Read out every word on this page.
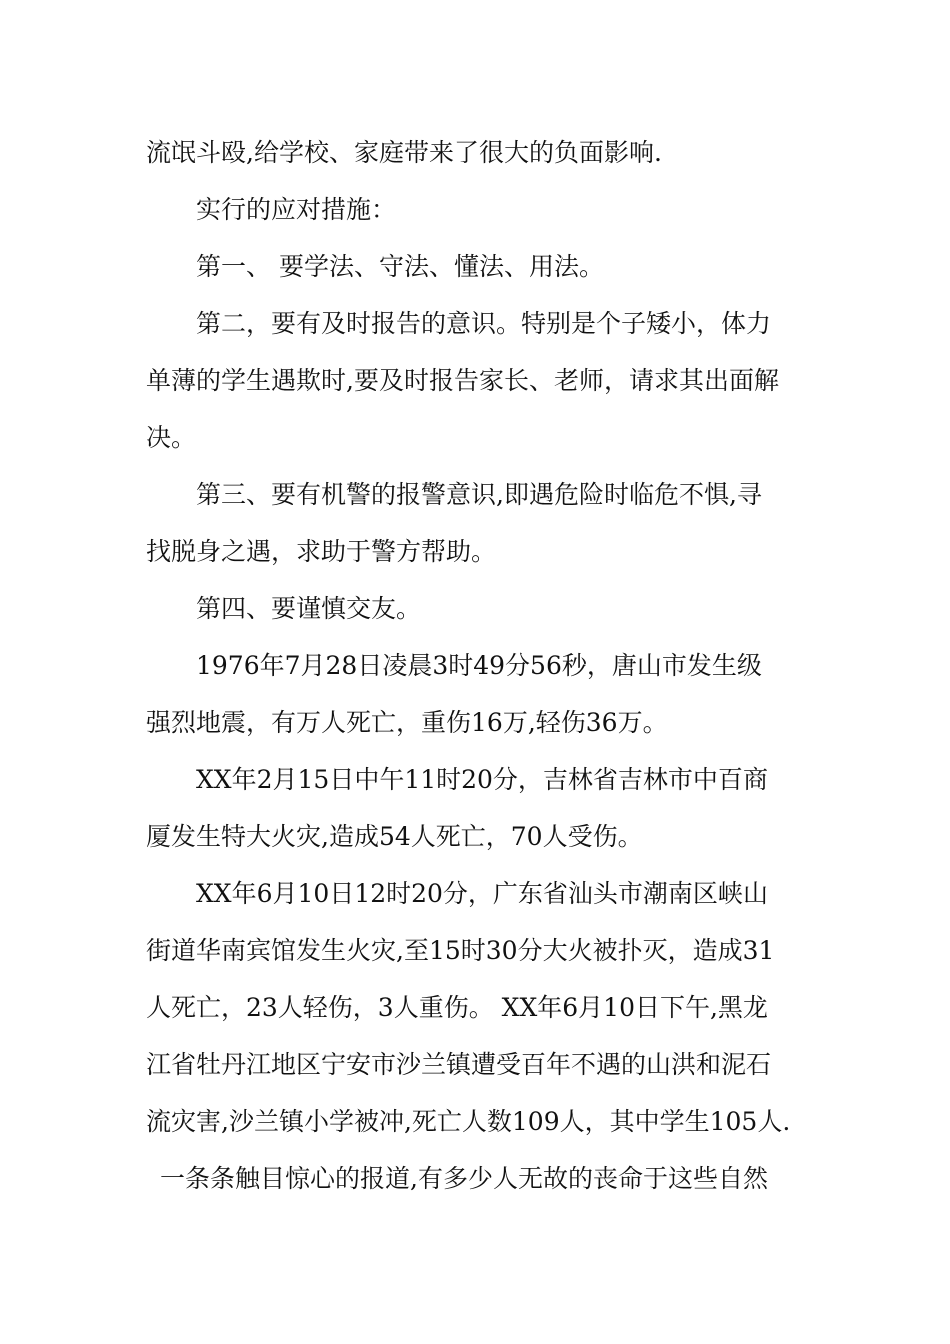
流氓斗殴,给学校、家庭带来了很大的负面影响.
实行的应对措施：
第一、 要学法、守法、懂法、用法。
第二，要有及时报告的意识。特别是个子矮小，体力
单薄的学生遇欺时,要及时报告家长、老师，请求其出面解
决。
第三、要有机警的报警意识,即遇危险时临危不惧,寻
找脱身之遇，求助于警方帮助。
第四、要谨慎交友。
1976年7月28日凌晨3时49分56秒，唐山市发生级
强烈地震，有万人死亡，重伤16万,轻伤36万。
XX年2月15日中午11时20分，吉林省吉林市中百商
厦发生特大火灾,造成54人死亡，70人受伤。
XX年6月10日12时20分，广东省汕头市潮南区峡山
街道华南宾馆发生火灾,至15时30分大火被扑灭，造成31
人死亡，23人轻伤，3人重伤。 XX年6月10日下午,黑龙
江省牡丹江地区宁安市沙兰镇遭受百年不遇的山洪和泥石
流灾害,沙兰镇小学被冲,死亡人数109人，其中学生105人.
一条条触目惊心的报道,有多少人无故的丧命于这些自然
